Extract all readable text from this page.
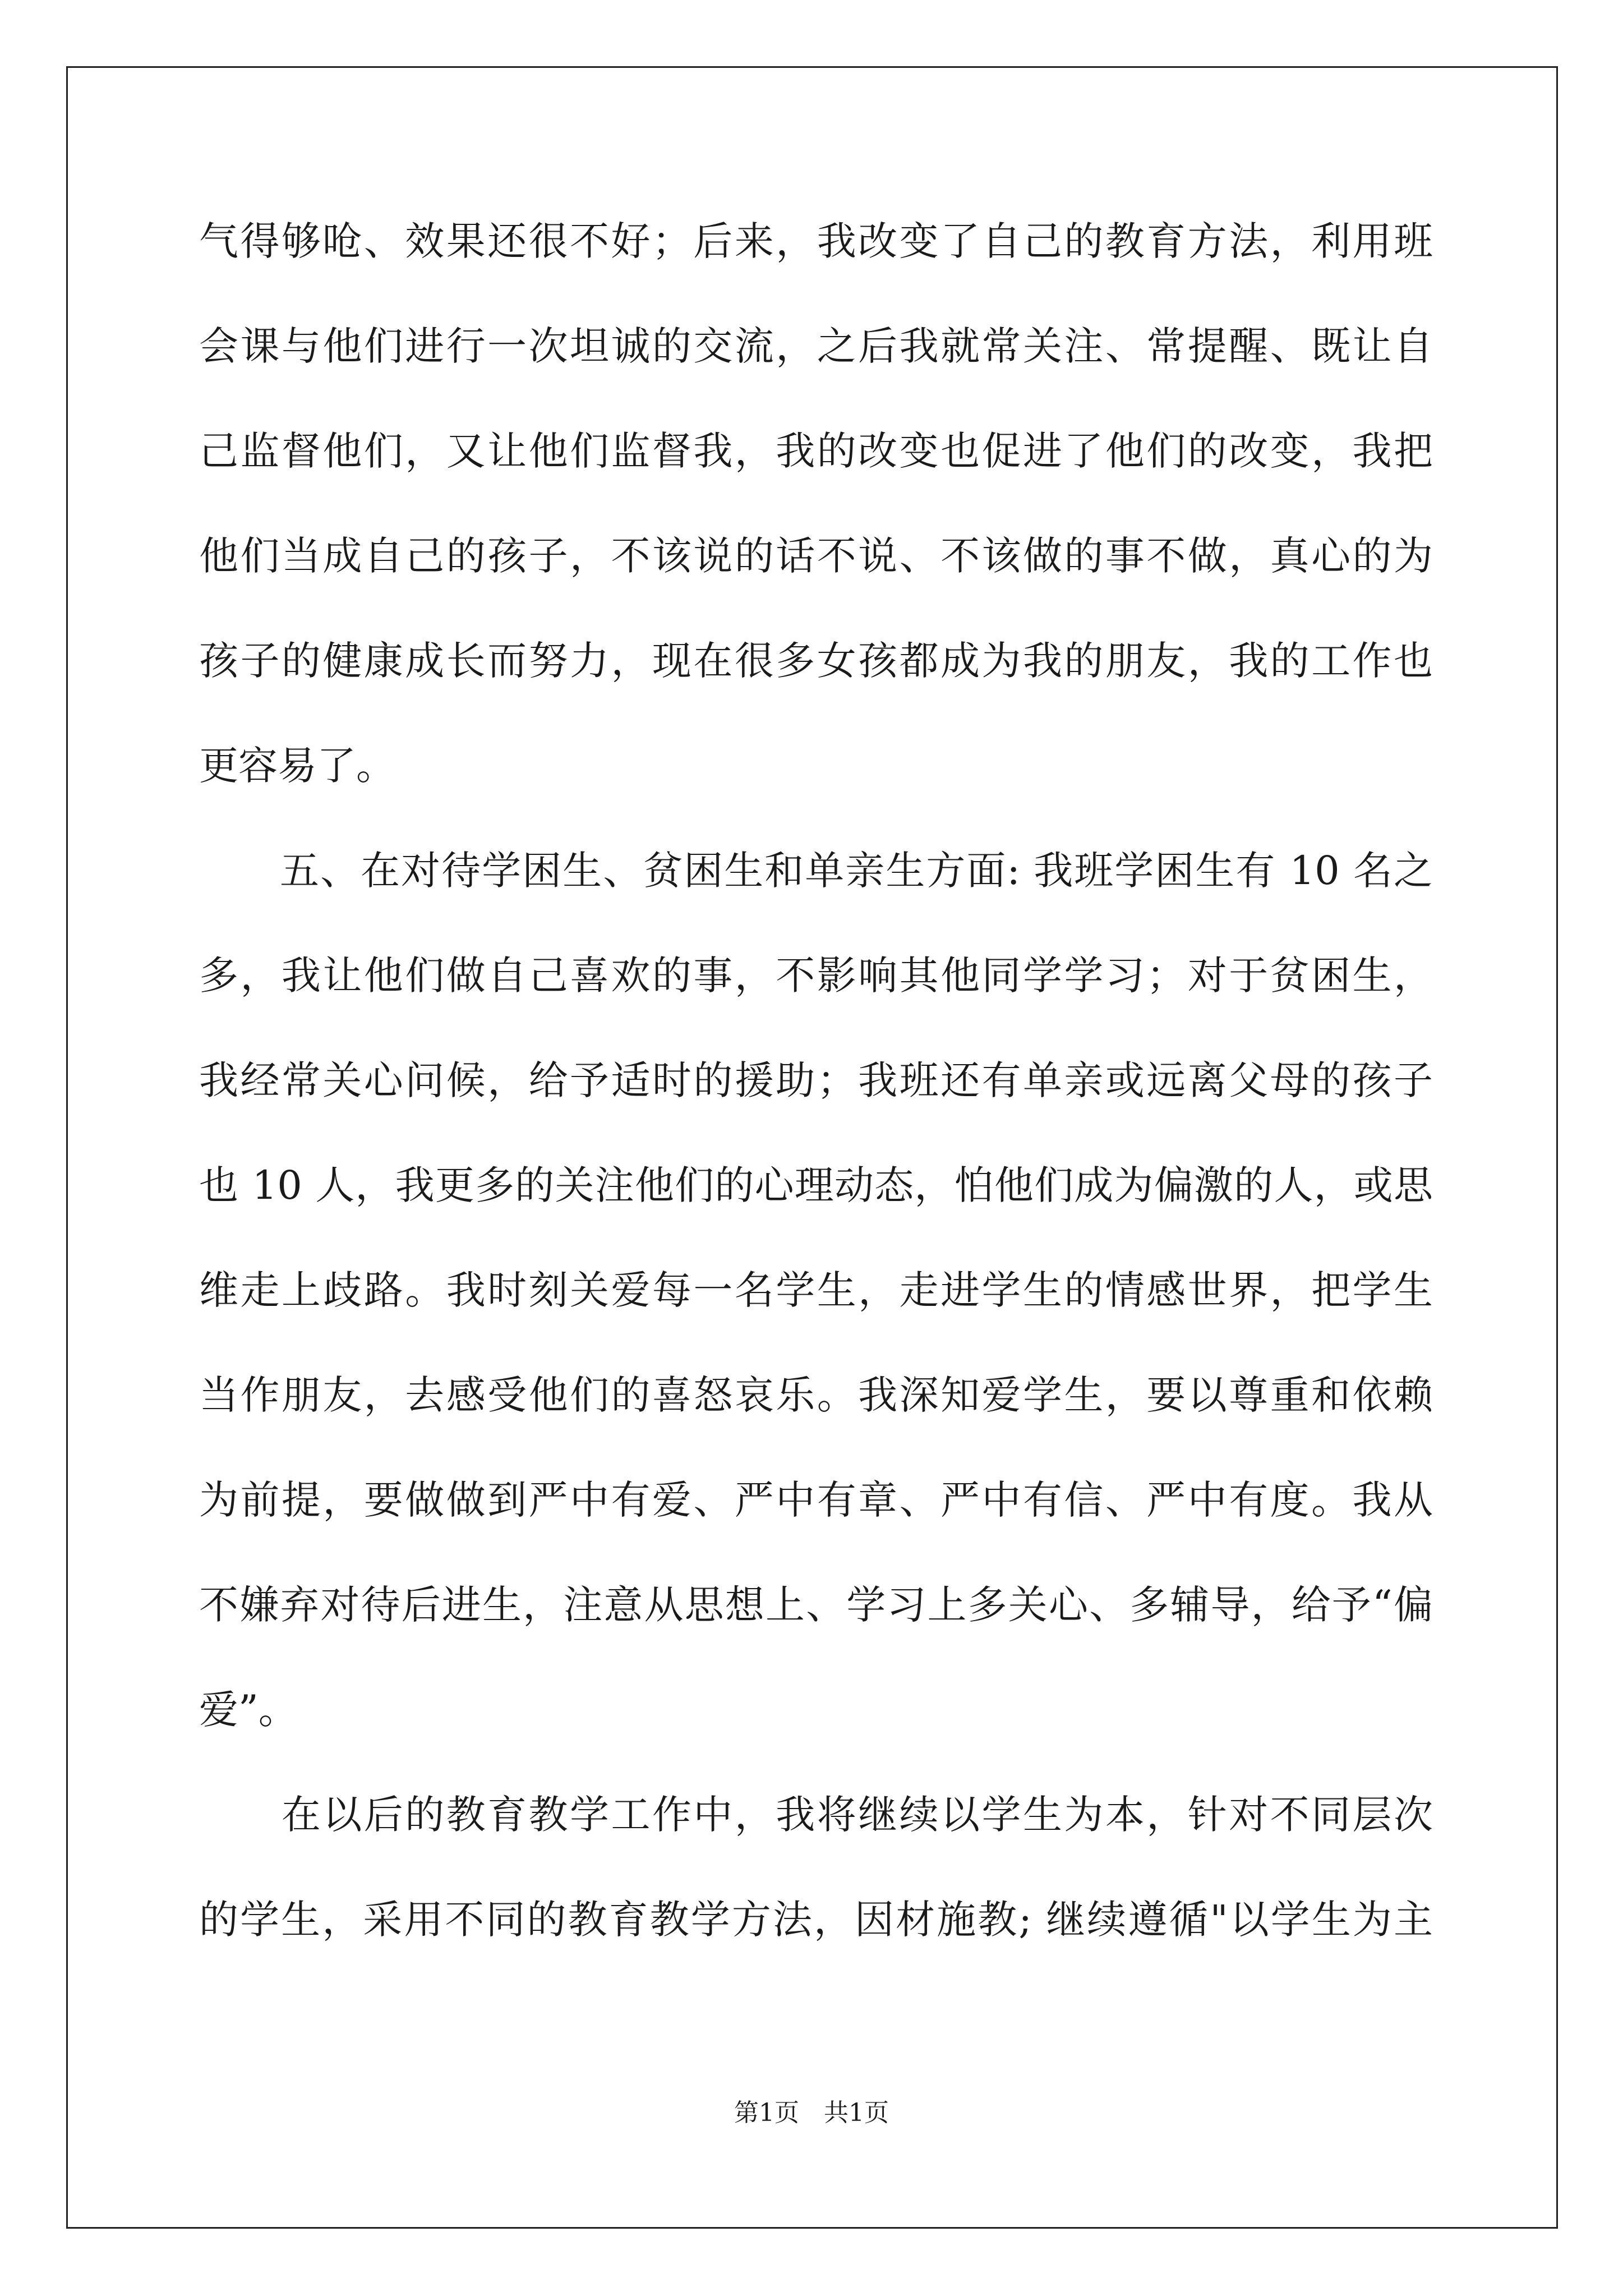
气得够呛、效果还很不好；后来，我改变了自己的教育方法，利用班
会课与他们进行一次坦诚的交流，之后我就常关注、常提醒、既让自
己监督他们，又让他们监督我，我的改变也促进了他们的改变，我把
他们当成自己的孩子，不该说的话不说、不该做的事不做，真心的为
孩子的健康成长而努力，现在很多女孩都成为我的朋友，我的工作也
更容易了。
　　五、在对待学困生、贫困生和单亲生方面: 我班学困生有 10 名之
多，我让他们做自己喜欢的事，不影响其他同学学习；对于贫困生，
我经常关心问候，给予适时的援助；我班还有单亲或远离父母的孩子
也 10 人，我更多的关注他们的心理动态，怕他们成为偏激的人，或思
维走上歧路。我时刻关爱每一名学生，走进学生的情感世界，把学生
当作朋友，去感受他们的喜怒哀乐。我深知爱学生，要以尊重和依赖
为前提，要做做到严中有爱、严中有章、严中有信、严中有度。我从
不嫌弃对待后进生，注意从思想上、学习上多关心、多辅导，给予“偏
爱”。
　　在以后的教育教学工作中，我将继续以学生为本，针对不同层次
的学生，采用不同的教育教学方法，因材施教; 继续遵循"以学生为主
第1页　共1页
